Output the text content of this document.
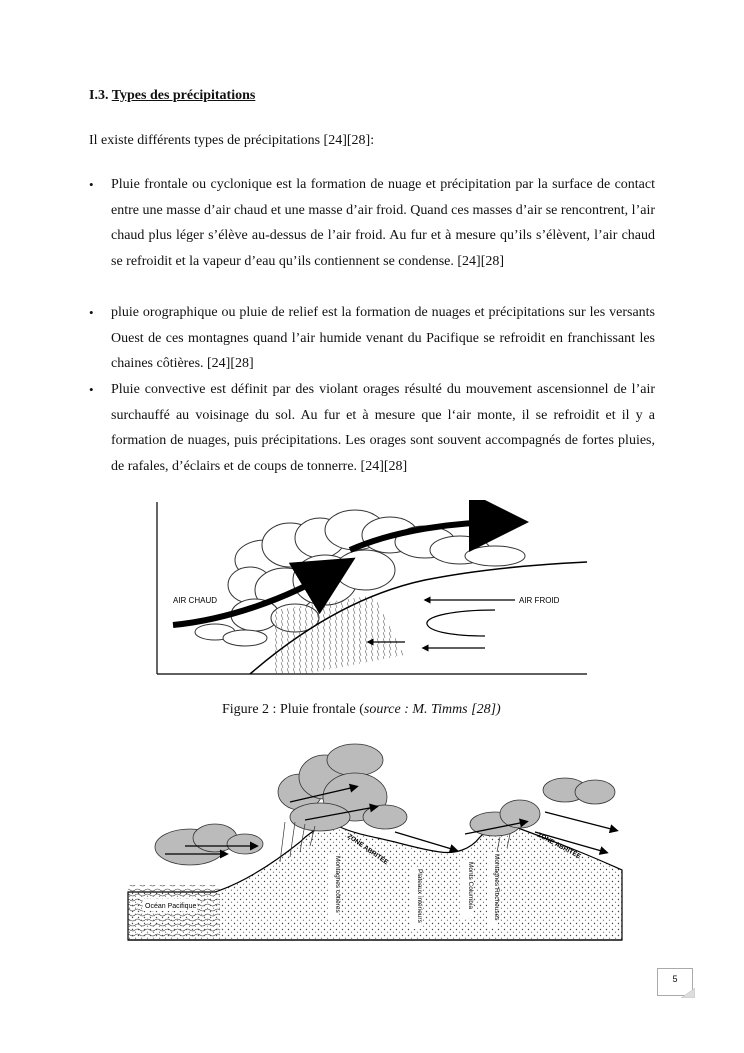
I.3. Types des précipitations
Il existe différents types de précipitations [24][28]:
• Pluie frontale ou cyclonique est la formation de nuage et précipitation par la surface de contact entre une masse d’air chaud et une masse d’air froid. Quand ces masses d’air se rencontrent, l’air chaud plus léger s’élève au-dessus de l’air froid. Au fur et à mesure qu’ils s’élèvent, l’air chaud se refroidit et la vapeur d’eau qu’ils contiennent se condense. [24][28]
• pluie orographique ou pluie de relief est la formation de nuages et précipitations sur les versants Ouest de ces montagnes quand l’air humide venant du Pacifique se refroidit en franchissant les chaines côtières. [24][28]
• Pluie convective est définit par des violant orages résulté du mouvement ascensionnel de l’air surchauffé au voisinage du sol. Au fur et à mesure que l‘air monte, il se refroidit et il y a formation de nuages, puis précipitations. Les orages sont souvent accompagnés de fortes pluies, de rafales, d’éclairs et de coups de tonnerre. [24][28]
AIR CHAUD	AIR FROID
Figure 2 : Pluie frontale (source : M. Timms [28])
Océan Pacifique	Montagnes côtières
ZONE ABRITÉE
Plateaux intérieurs	Monts Columbia	Montagnes Rocheuses
ZONE ABRITÉE
5
